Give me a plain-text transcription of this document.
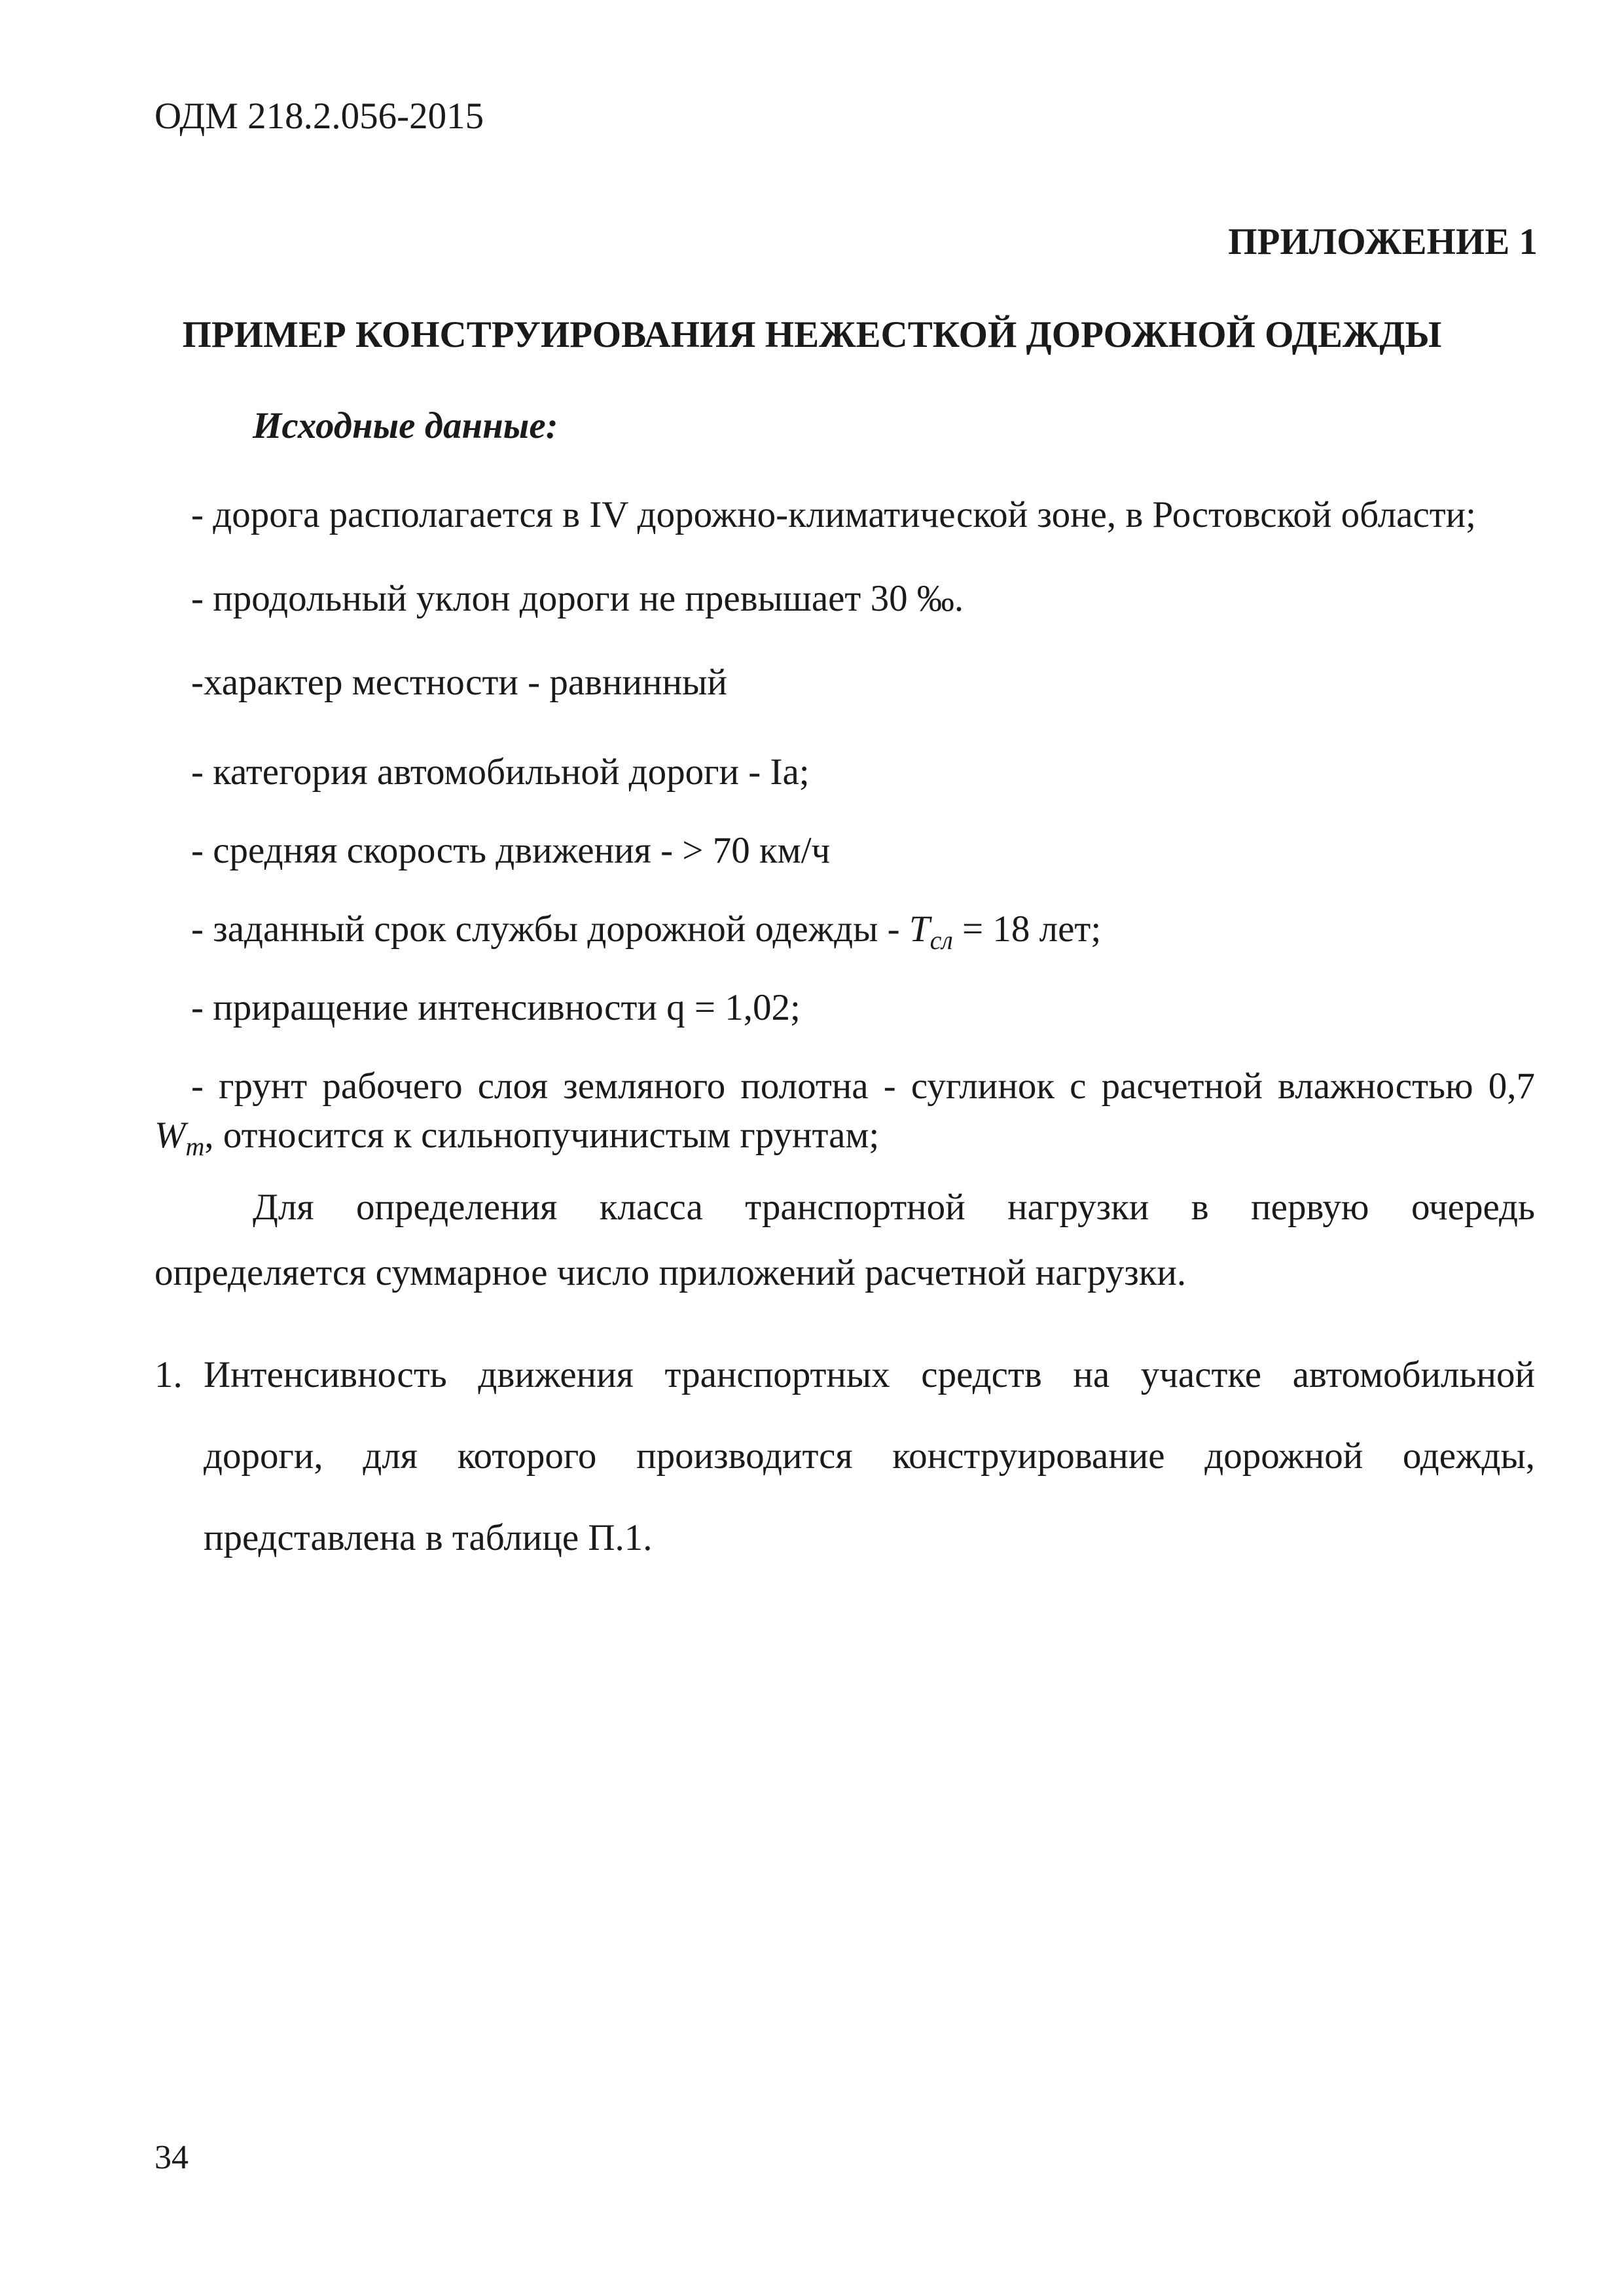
ОДМ 218.2.056-2015
ПРИЛОЖЕНИЕ 1
ПРИМЕР КОНСТРУИРОВАНИЯ НЕЖЕСТКОЙ ДОРОЖНОЙ ОДЕЖДЫ
Исходные данные:
- дорога располагается в IV дорожно-климатической зоне, в Ростовской области;
- продольный уклон дороги не превышает 30 ‰.
-характер местности - равнинный
- категория автомобильной дороги - Ia;
- средняя скорость движения - > 70 км/ч
- заданный срок службы дорожной одежды - $T_{сл} = 18$ лет;
- приращение интенсивности q = 1,02;
- грунт рабочего слоя земляного полотна - суглинок с расчетной влажностью 0,7
$W_m$, относится к сильнопучинистым грунтам;
Для определения класса транспортной нагрузки в первую очередь
определяется суммарное число приложений расчетной нагрузки.
1. Интенсивность движения транспортных средств на участке автомобильной
дороги, для которого производится конструирование дорожной одежды,
представлена в таблице П.1.
34
